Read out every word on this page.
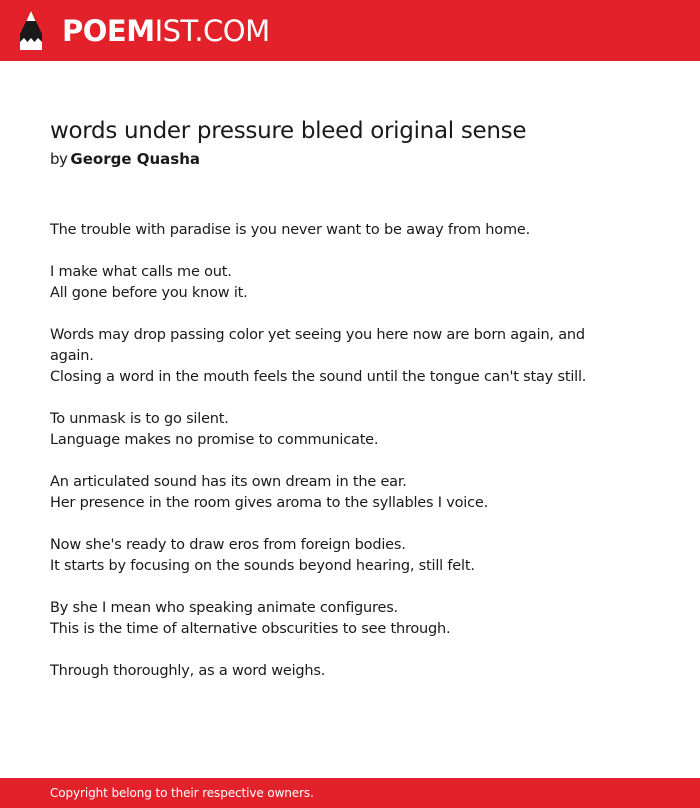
POEMIST.COM
words under pressure bleed original sense
by George Quasha
The trouble with paradise is you never want to be away from home.
I make what calls me out.
All gone before you know it.
Words may drop passing color yet seeing you here now are born again, and again.
Closing a word in the mouth feels the sound until the tongue can't stay still.
To unmask is to go silent.
Language makes no promise to communicate.
An articulated sound has its own dream in the ear.
Her presence in the room gives aroma to the syllables I voice.
Now she's ready to draw eros from foreign bodies.
It starts by focusing on the sounds beyond hearing, still felt.
By she I mean who speaking animate configures.
This is the time of alternative obscurities to see through.
Through thoroughly, as a word weighs.
Copyright belong to their respective owners.
